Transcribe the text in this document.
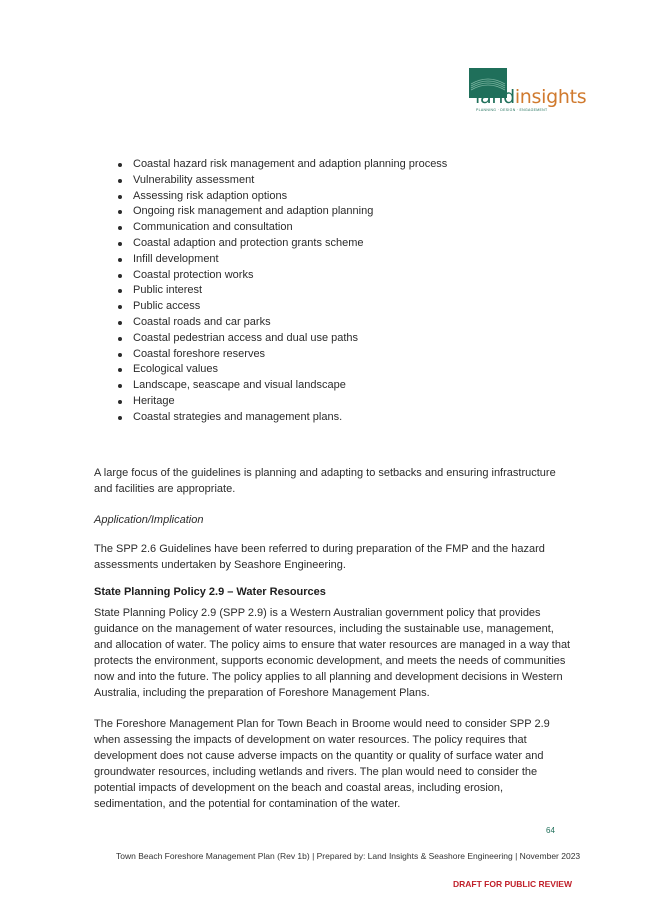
landinsights
PLANNING · DESIGN · ENGAGEMENT
Coastal hazard risk management and adaption planning process
Vulnerability assessment
Assessing risk adaption options
Ongoing risk management and adaption planning
Communication and consultation
Coastal adaption and protection grants scheme
Infill development
Coastal protection works
Public interest
Public access
Coastal roads and car parks
Coastal pedestrian access and dual use paths
Coastal foreshore reserves
Ecological values
Landscape, seascape and visual landscape
Heritage
Coastal strategies and management plans.

A large focus of the guidelines is planning and adapting to setbacks and ensuring infrastructure and facilities are appropriate.

Application/Implication

The SPP 2.6 Guidelines have been referred to during preparation of the FMP and the hazard assessments undertaken by Seashore Engineering.

State Planning Policy 2.9 – Water Resources

State Planning Policy 2.9 (SPP 2.9) is a Western Australian government policy that provides guidance on the management of water resources, including the sustainable use, management, and allocation of water. The policy aims to ensure that water resources are managed in a way that protects the environment, supports economic development, and meets the needs of communities now and into the future. The policy applies to all planning and development decisions in Western Australia, including the preparation of Foreshore Management Plans.

The Foreshore Management Plan for Town Beach in Broome would need to consider SPP 2.9 when assessing the impacts of development on water resources. The policy requires that development does not cause adverse impacts on the quantity or quality of surface water and groundwater resources, including wetlands and rivers. The plan would need to consider the potential impacts of development on the beach and coastal areas, including erosion, sedimentation, and the potential for contamination of the water.

64
Town Beach Foreshore Management Plan (Rev 1b) | Prepared by: Land Insights & Seashore Engineering | November 2023
DRAFT FOR PUBLIC REVIEW
